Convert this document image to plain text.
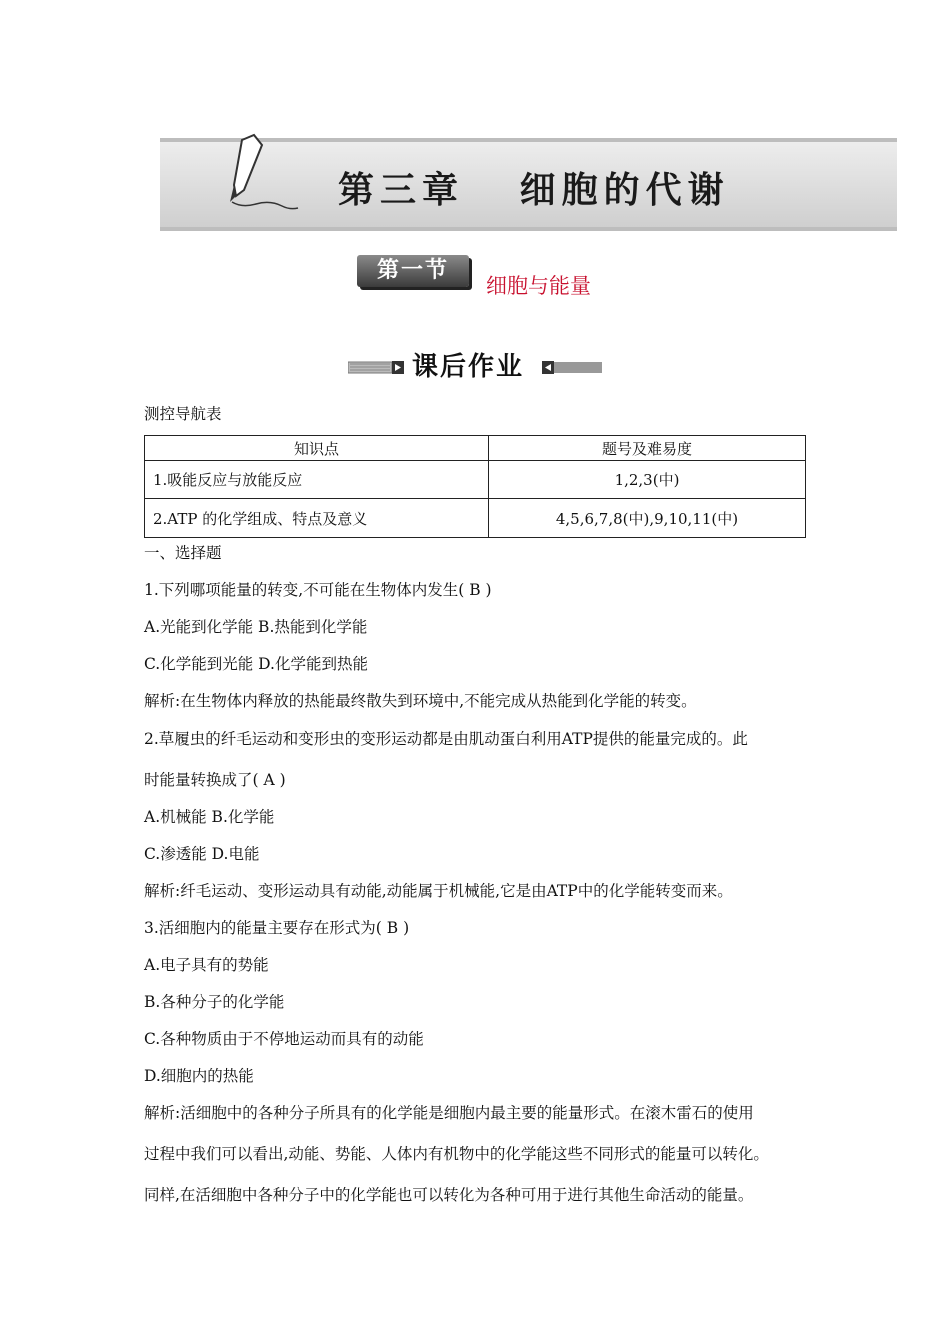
第三章   细胞的代谢
第一节
细胞与能量
课后作业
测控导航表
知识点	题号及难易度
1.吸能反应与放能反应	1,2,3(中)
2.ATP 的化学组成、特点及意义	4,5,6,7,8(中),9,10,11(中)
一、选择题
1.下列哪项能量的转变,不可能在生物体内发生( B )
A.光能到化学能 B.热能到化学能
C.化学能到光能 D.化学能到热能
解析:在生物体内释放的热能最终散失到环境中,不能完成从热能到化学能的转变。
2.草履虫的纤毛运动和变形虫的变形运动都是由肌动蛋白利用ATP提供的能量完成的。此
时能量转换成了( A )
A.机械能 B.化学能
C.渗透能 D.电能
解析:纤毛运动、变形运动具有动能,动能属于机械能,它是由ATP中的化学能转变而来。
3.活细胞内的能量主要存在形式为( B )
A.电子具有的势能
B.各种分子的化学能
C.各种物质由于不停地运动而具有的动能
D.细胞内的热能
解析:活细胞中的各种分子所具有的化学能是细胞内最主要的能量形式。在滚木雷石的使用
过程中我们可以看出,动能、势能、人体内有机物中的化学能这些不同形式的能量可以转化。
同样,在活细胞中各种分子中的化学能也可以转化为各种可用于进行其他生命活动的能量。
